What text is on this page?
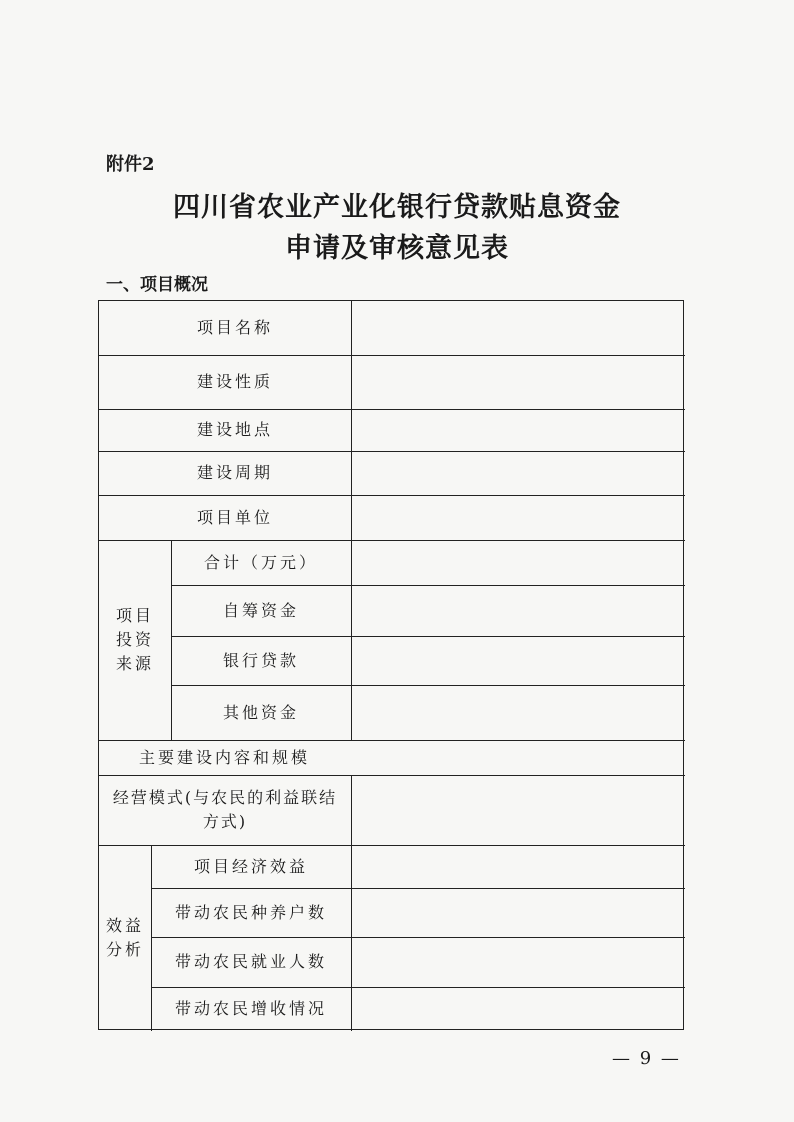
附件2
四川省农业产业化银行贷款贴息资金
申请及审核意见表
一、项目概况
项目名称
建设性质
建设地点
建设周期
项目单位
项目投资来源
合计（万元）
自筹资金
银行贷款
其他资金
主要建设内容和规模
经营模式(与农民的利益联结方式)
效益分析
项目经济效益
带动农民种养户数
带动农民就业人数
带动农民增收情况
— 9 —
